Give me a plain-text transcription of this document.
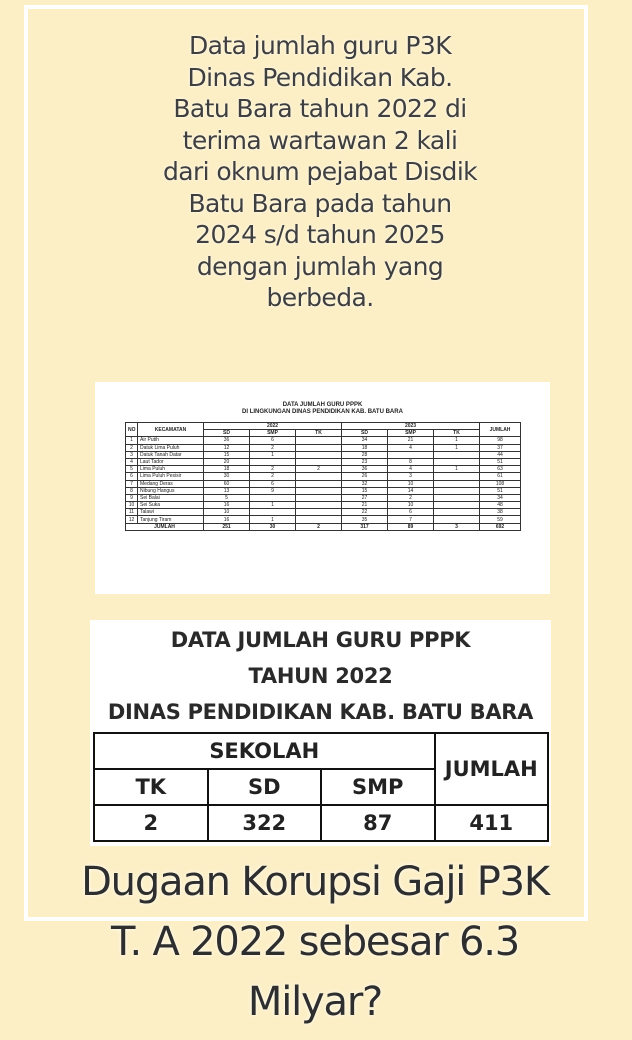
Data jumlah guru P3K
Dinas Pendidikan Kab.
Batu Bara tahun 2022 di
terima wartawan 2 kali
dari oknum pejabat Disdik
Batu Bara pada tahun
2024 s/d tahun 2025
dengan jumlah yang
berbeda.
DATA JUMLAH GURU PPPK
DI LINGKUNGAN DINAS PENDIDIKAN KAB. BATU BARA
NO	KECAMATAN	2022			2023			JUMLAH
		SD	SMP	TK	SD	SMP	TK	
1	Air Putih	36	6		34	21	1	98
2	Datuk Lima Puluh	12	2		18	4	1	37
3	Datuk Tanah Datar	15	1		28			44
4	Laut Tador	20			23	8		51
5	Lima Puluh	18	2	2	36	4	1	63
6	Lima Puluh Pesisir	30	2		26	3		61
7	Medang Deras	60	6		32	10		108
8	Nibung Hangus	13	9		15	14		51
9	Sei Balai	5			27	2		34
10	Sei Suka	16	1		21	10		48
11	Talawi	10			22	6		38
12	Tanjung Tiram	16	1		35	7		59
JUMLAH		251	30	2	317	89	3	692
DATA JUMLAH GURU PPPK
TAHUN 2022
DINAS PENDIDIKAN KAB. BATU BARA
SEKOLAH			JUMLAH
TK	SD	SMP	
2	322	87	411
Dugaan Korupsi Gaji P3K
T. A 2022 sebesar 6.3
Milyar?
